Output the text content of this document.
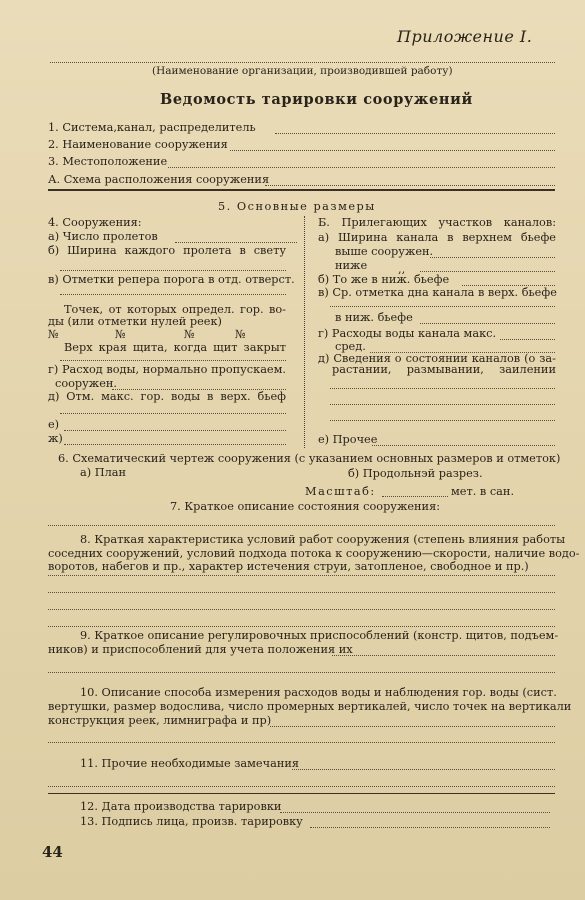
Приложение I.
(Наименование организации, производившей работу)
Ведомость тарировки сооружений
1. Система,канал, распределитель
2. Наименование сооружения
3. Местоположение
А. Схема расположения сооружения
5. Основные размеры
4. Сооружения:
а) Число пролетов
б) Ширина каждого пролета в свету
в) Отметки репера порога в отд. отверст.
Точек, от которых определ. гор. во-
ды (или отметки нулей реек)
№	№	№	№
Верх края щита, когда щит закрыт
г) Расход воды, нормально пропускаем.
сооружен.
д) Отм. макс. гор. воды в верх. бьеф
е)
ж)
Б. Прилегающих участков каналов:
а) Ширина канала в верхнем бьефе
выше сооружен.
ниже	,,
б) То же в ниж. бьефе
в) Ср. отметка дна канала в верх. бьефе
в ниж. бьефе
г) Расходы воды канала макс.
сред.
д) Сведения о состоянии каналов (о за-
растании, размывании, заилении
е) Прочее
6. Схематический чертеж сооружения (с указанием основных размеров и отметок)
а) План	б) Продольнэй разрез.
Масштаб:	мет. в сан.
7. Краткое описание состояния сооружения:
8. Краткая характеристика условий работ сооружения (степень влияния работы
соседних сооружений, условий подхода потока к сооружению—скорости, наличие водо-
воротов, набегов и пр., характер истечения струи, затопленое, свободное и пр.)
9. Краткое описание регулировочных приспособлений (констр. щитов, подъем-
ников) и приспособлений для учета положения их
10. Описание способа измерения расходов воды и наблюдения гор. воды (сист.
вертушки, размер водослива, число промерных вертикалей, число точек на вертикали
конструкция реек, лимниграфа и пр)
11. Прочие необходимые замечания
12. Дата производства тарировки
13. Подпись лица, произв. тарировку
44
